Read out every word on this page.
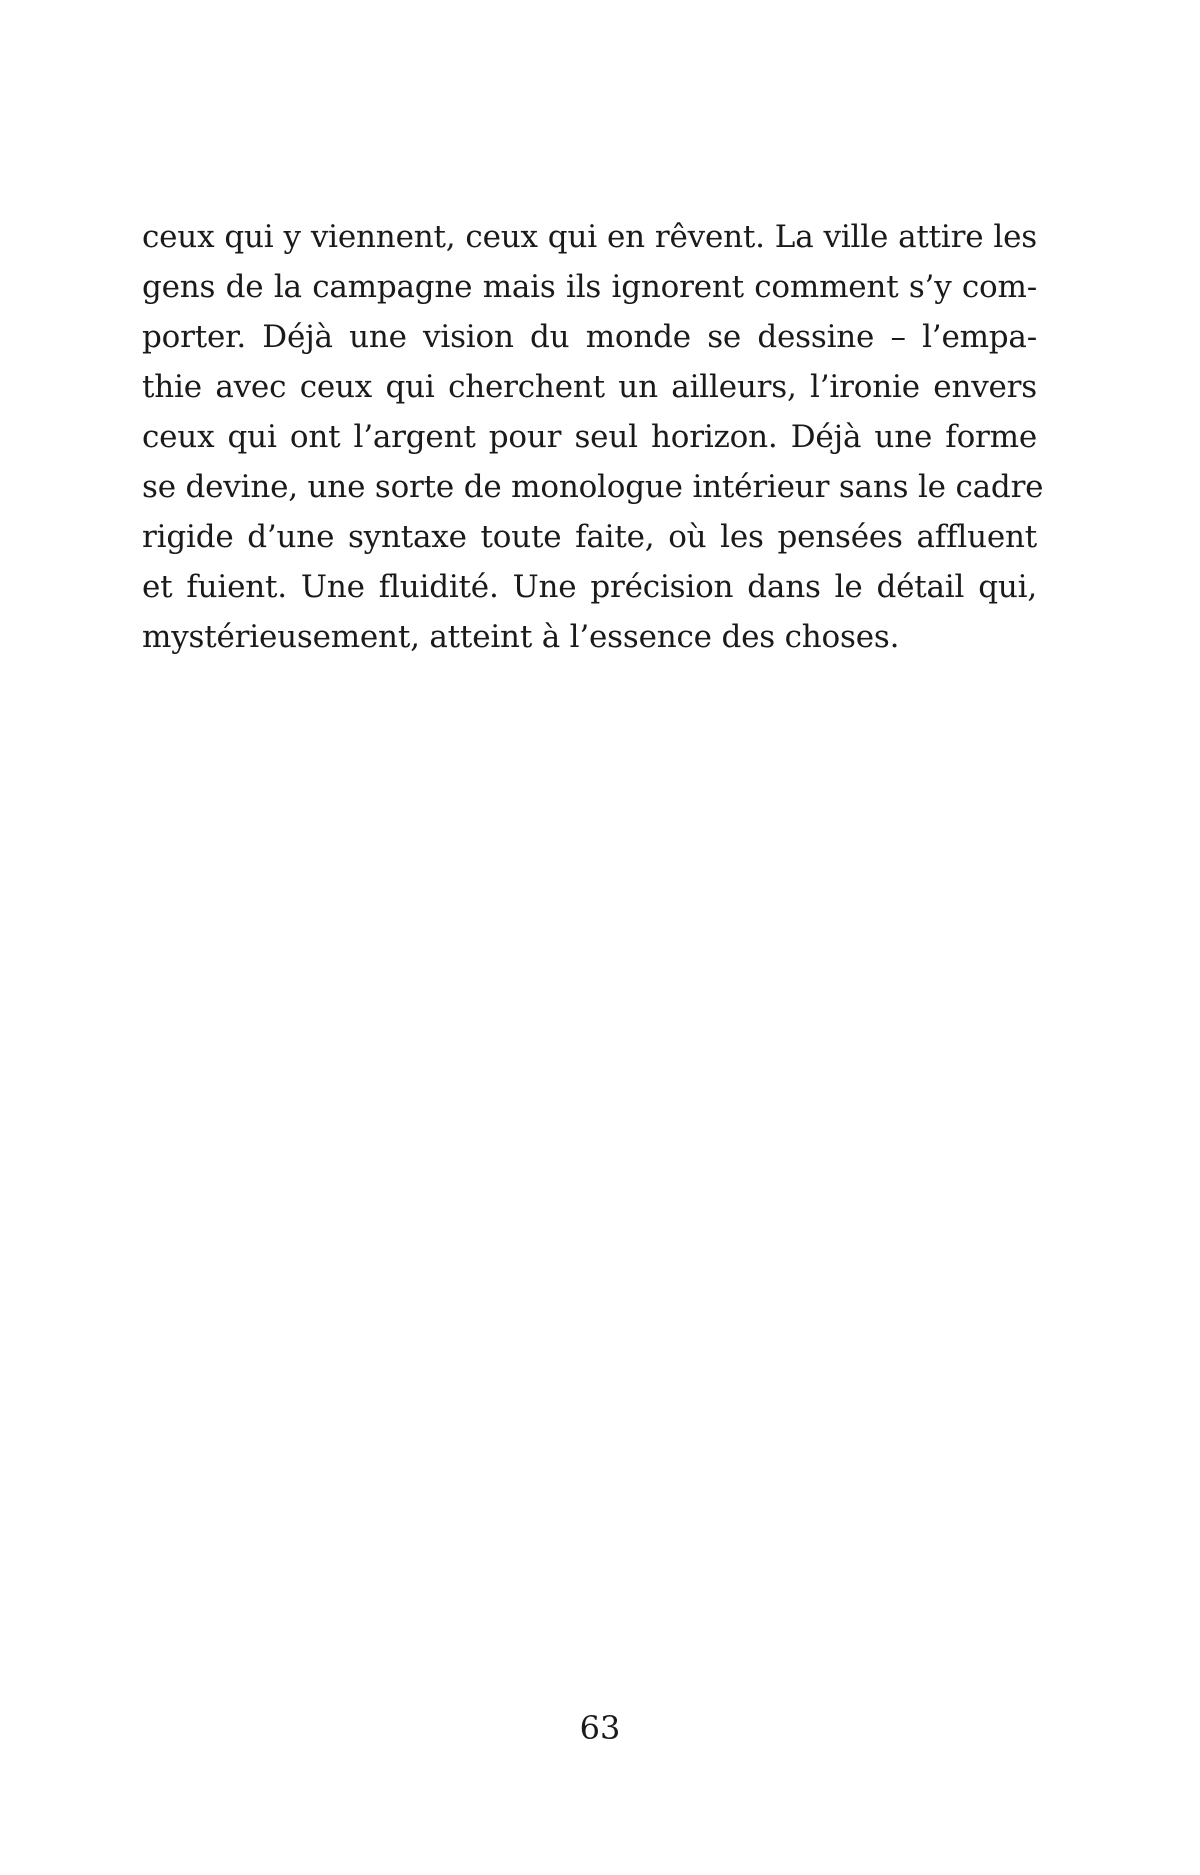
ceux qui y viennent, ceux qui en rêvent. La ville attire les
gens de la campagne mais ils ignorent comment s’y com-
porter. Déjà une vision du monde se dessine – l’empa-
thie avec ceux qui cherchent un ailleurs, l’ironie envers
ceux qui ont l’argent pour seul horizon. Déjà une forme
se devine, une sorte de monologue intérieur sans le cadre
rigide d’une syntaxe toute faite, où les pensées affluent
et fuient. Une fluidité. Une précision dans le détail qui,
mystérieusement, atteint à l’essence des choses.
63
